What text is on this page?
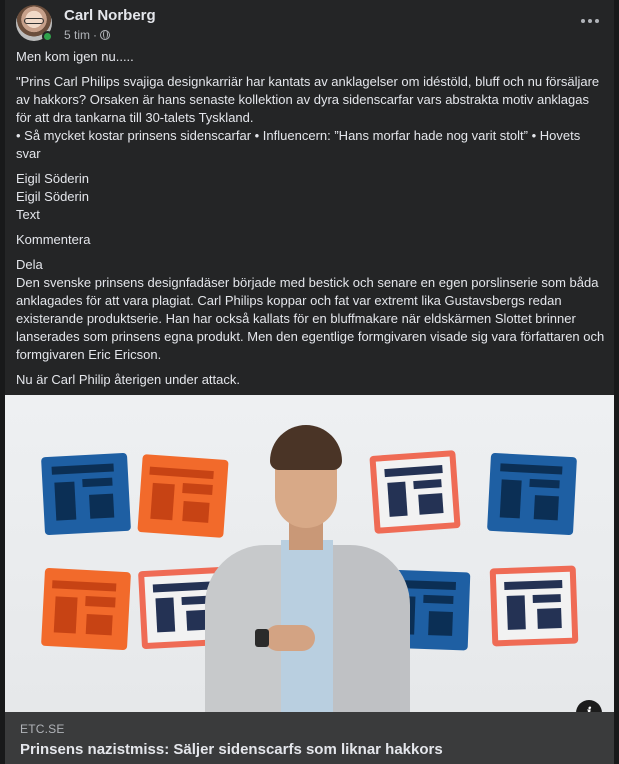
Carl Norberg
5 tim ·

Men kom igen nu.....

"Prins Carl Philips svajiga designkarriär har kantats av anklagelser om idéstöld, bluff och nu försäljare av hakkors? Orsaken är hans senaste kollektion av dyra sidenscarfar vars abstrakta motiv anklagas för att dra tankarna till 30-talets Tyskland.
• Så mycket kostar prinsens sidenscarfar • Influencern: ”Hans morfar hade nog varit stolt” • Hovets svar
Eigil Söderin
Eigil Söderin
Text

Kommentera

Dela
Den svenske prinsens designfadäser började med bestick och senare en egen porslinserie som båda anklagades för att vara plagiat. Carl Philips koppar och fat var extremt lika Gustavsbergs redan existerande produktserie. Han har också kallats för en bluffmakare när eldskärmen Slottet brinner lanserades som prinsens egna produkt. Men den egentlige formgivaren visade sig vara författaren och formgivaren Eric Ericson.

Nu är Carl Philip återigen under attack.

ETC.SE
Prinsens nazistmiss: Säljer sidenscarfs som liknar hakkors
